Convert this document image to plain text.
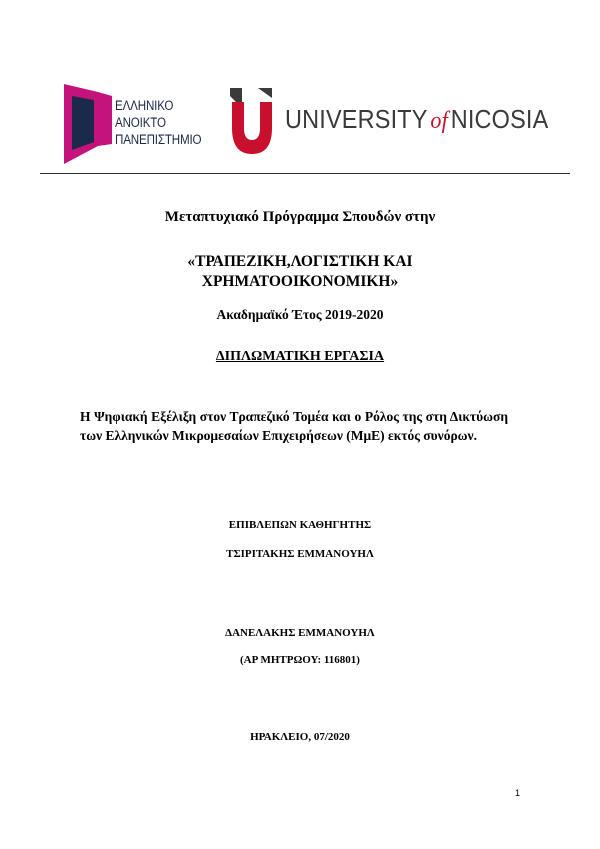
ΕΛΛΗΝΙΚΟ
ΑΝΟΙΚΤΟ
ΠΑΝΕΠΙΣΤΗΜΙΟ
UNIVERSITY of NICOSIA
Μεταπτυχιακό Πρόγραμμα Σπουδών στην
«ΤΡΑΠΕΖΙΚΗ,ΛΟΓΙΣΤΙΚΗ ΚΑΙ
ΧΡΗΜΑΤΟΟΙΚΟΝΟΜΙΚΗ»
Ακαδημαϊκό Έτος 2019-2020
ΔΙΠΛΩΜΑΤΙΚΗ ΕΡΓΑΣΙΑ
Η Ψηφιακή Εξέλιξη στον Τραπεζικό Τομέα και ο Ρόλος της στη Δικτύωση των Ελληνικών Μικρομεσαίων Επιχειρήσεων (ΜμΕ) εκτός συνόρων.
ΕΠΙΒΛΕΠΩΝ ΚΑΘΗΓΗΤΗΣ
ΤΣΙΡΙΤΑΚΗΣ ΕΜΜΑΝΟΥΗΛ
ΔΑΝΕΛΑΚΗΣ ΕΜΜΑΝΟΥΗΛ
(ΑΡ ΜΗΤΡΩΟΥ: 116801)
ΗΡΑΚΛΕΙΟ, 07/2020
1
